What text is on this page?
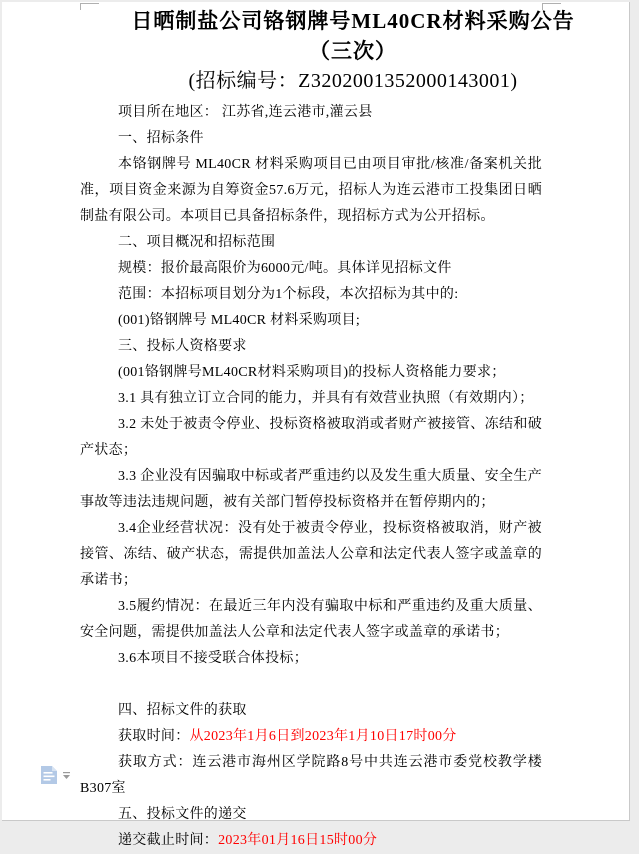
日晒制盐公司铬钢牌号ML40CR材料采购公告
（三次）
(招标编号：Z3202001352000143001)

项目所在地区： 江苏省,连云港市,灌云县

一、招标条件

本铬钢牌号 ML40CR 材料采购项目已由项目审批/核准/备案机关批准，项目资金来源为自筹资金57.6万元，招标人为连云港市工投集团日晒制盐有限公司。本项目已具备招标条件，现招标方式为公开招标。

二、项目概况和招标范围

规模：报价最高限价为6000元/吨。具体详见招标文件

范围：本招标项目划分为1个标段，本次招标为其中的:

(001)铬钢牌号 ML40CR 材料采购项目;

三、投标人资格要求

(001铬钢牌号ML40CR材料采购项目)的投标人资格能力要求；

3.1 具有独立订立合同的能力，并具有有效营业执照（有效期内）；

3.2 未处于被责令停业、投标资格被取消或者财产被接管、冻结和破产状态；

3.3 企业没有因骗取中标或者严重违约以及发生重大质量、安全生产事故等违法违规问题，被有关部门暂停投标资格并在暂停期内的；

3.4企业经营状况：没有处于被责令停业，投标资格被取消，财产被接管、冻结、破产状态，需提供加盖法人公章和法定代表人签字或盖章的承诺书；

3.5履约情况：在最近三年内没有骗取中标和严重违约及重大质量、安全问题，需提供加盖法人公章和法定代表人签字或盖章的承诺书；

3.6本项目不接受联合体投标；

四、招标文件的获取

获取时间：从2023年1月6日到2023年1月10日17时00分

获取方式：连云港市海州区学院路8号中共连云港市委党校教学楼B307室

五、投标文件的递交

递交截止时间：2023年01月16日15时00分
